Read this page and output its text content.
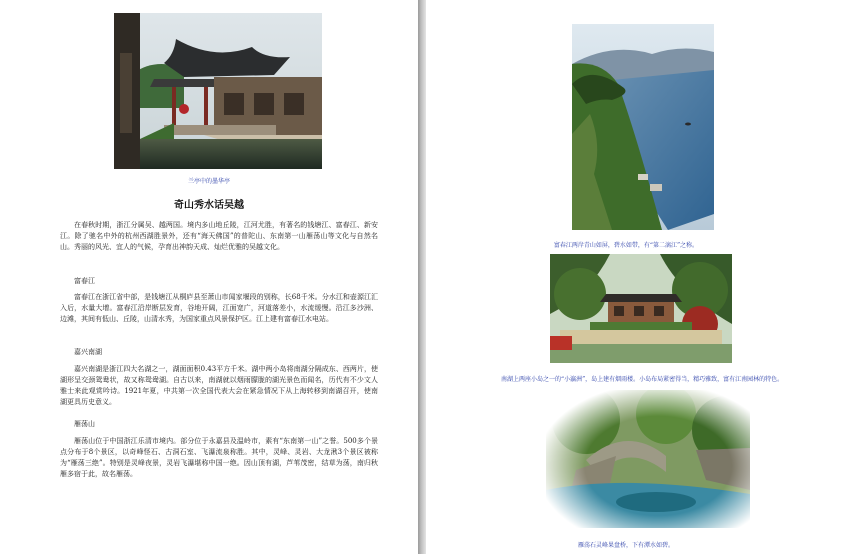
兰亭中的墨华亭
奇山秀水话吴越

在春秋时期，浙江分属吴、越两国。境内多山地丘陵，江河尤胜，有著名的钱塘江、富春江、新安江。除了驰名中外的杭州西湖胜景外，还有“海天佛国”的普陀山、东南第一山雁荡山等文化与自然名山。秀丽的风光、宜人的气候，孕育出神韵天成、灿烂优雅的吴越文化。

富春江

富春江在浙江省中部，是钱塘江从桐庐县至萧山市闻家堰段的别称，长68千米。分水江和壶源江汇入后，水量大增。富春江沿岸断层发育，谷地开阔，江面宽广，河道落差小，水流缓慢。沿江多沙洲、边滩，其间有低山、丘陵，山清水秀，为国家重点风景保护区。江上建有富春江水电站。

嘉兴南湖

嘉兴南湖是浙江四大名湖之一，湖面面积0.43平方千米。湖中两小岛将南湖分隔成东、西两片，使湖形呈交颈鸳鸯状，故又称鸳鸯湖。自古以来，南湖就以烟雨朦胧的湖光景色而闻名，历代有不少文人雅士来此观赏吟诗。1921年夏，中共第一次全国代表大会在紧急情况下从上海转移到南湖召开，使南湖更具历史意义。

雁荡山

雁荡山位于中国浙江乐清市境内。部分位于永嘉县及温岭市，素有“东南第一山”之誉。500多个景点分布于8个景区，以奇峰怪石、古洞石室、飞瀑流泉称胜。其中，灵峰、灵岩、大龙湫3个景区被称为“雁荡三绝”。特别是灵峰夜景，灵岩飞瀑堪称中国一绝。因山顶有湖，芦苇茂密，结草为荡，南归秋雁多宿于此，故名雁荡。

富春江两岸青山如屏，碧水如带，有“第二漓江”之称。
南湖上两座小岛之一的“小瀛洲”，岛上建有烟雨楼。小岛布局紧密得当，精巧雅致，富有江南园林的特色。
雁荡石灵峰果盘桥，下有潭水如碧。
